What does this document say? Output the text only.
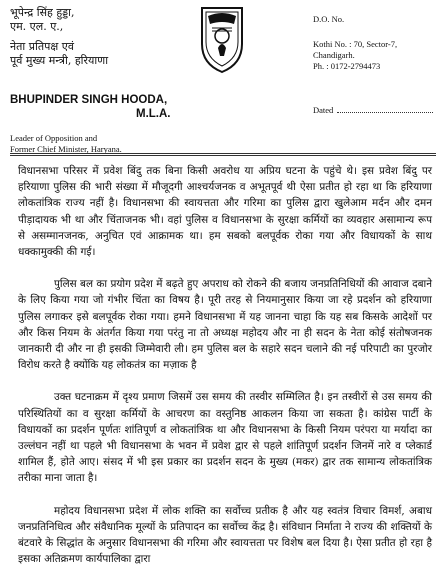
भूपेन्द्र सिंह हुड्डा,
एम. एल. ए.,
नेता प्रतिपक्ष एवं
पूर्व मुख्य मन्त्री, हरियाणा
D.O. No.
Kothi No. : 70, Sector-7,
Chandigarh.
Ph. : 0172-2794473
BHUPINDER SINGH HOODA,
M.L.A.	Dated
Leader of Opposition and
Former Chief Minister, Haryana.

विधानसभा परिसर में प्रवेश बिंदु तक बिना किसी अवरोध या अप्रिय घटना के पहुंचे थे। इस प्रवेश बिंदु पर हरियाणा पुलिस की भारी संख्या में मौजूदगी आश्चर्यजनक व अभूतपूर्व थी ऐसा प्रतीत हो रहा था कि हरियाणा लोकतांत्रिक राज्य नहीं है। विधानसभा की स्वायत्तता और गरिमा का पुलिस द्वारा खुलेआम मर्दन और दमन पीड़ादायक भी था और चिंताजनक भी। वहां पुलिस व विधानसभा के सुरक्षा कर्मियों का व्यवहार असामान्य रूप से असम्मानजनक, अनुचित एवं आक्रामक था। हम सबको बलपूर्वक रोका गया और विधायकों के साथ धक्कामुक्की की गई।

पुलिस बल का प्रयोग प्रदेश में बढ़ते हुए अपराध को रोकने की बजाय जनप्रतिनिधियों की आवाज दबाने के लिए किया गया जो गंभीर चिंता का विषय है। पूरी तरह से नियमानुसार किया जा रहे प्रदर्शन को हरियाणा पुलिस लगाकर इसे बलपूर्वक रोका गया। हमने विधानसभा में यह जानना चाहा कि यह सब किसके आदेशों पर और किस नियम के अंतर्गत किया गया परंतु ना तो अध्यक्ष महोदय और ना ही सदन के नेता कोई संतोषजनक जानकारी दी और ना ही इसकी जिम्मेवारी ली। हम पुलिस बल के सहारे सदन चलाने की नई परिपाटी का पुरजोर विरोध करते है क्योंकि यह लोकतंत्र का मज़ाक है

उक्त घटनाक्रम में दृश्य प्रमाण जिसमें उस समय की तस्वीर सम्मिलित है। इन तस्वीरों से उस समय की परिस्थितियों का व सुरक्षा कर्मियों के आचरण का वस्तुनिष्ठ आकलन किया जा सकता है। कांग्रेस पार्टी के विधायकों का प्रदर्शन पूर्णतः शांतिपूर्ण व लोकतांत्रिक था और विधानसभा के किसी नियम परंपरा या मर्यादा का उल्लंघन नहीं था पहले भी विधानसभा के भवन में प्रवेश द्वार से पहले शांतिपूर्ण प्रदर्शन जिनमें नारे व प्लेकार्ड शामिल हैं, होते आए। संसद में भी इस प्रकार का प्रदर्शन सदन के मुख्य (मकर) द्वार तक सामान्य लोकतांत्रिक तरीका माना जाता है।

महोदय विधानसभा प्रदेश में लोक शक्ति का सर्वोच्च प्रतीक है और यह स्वतंत्र विचार विमर्श, अबाध जनप्रतिनिधित्व और संवैधानिक मूल्यों के प्रतिपादन का सर्वोच्च केंद्र है। संविधान निर्माता ने राज्य की शक्तियों के बंटवारे के सिद्धांत के अनुसार विधानसभा की गरिमा और स्वायत्तता पर विशेष बल दिया है। ऐसा प्रतीत हो रहा है इसका अतिक्रमण कार्यपालिका द्वारा
